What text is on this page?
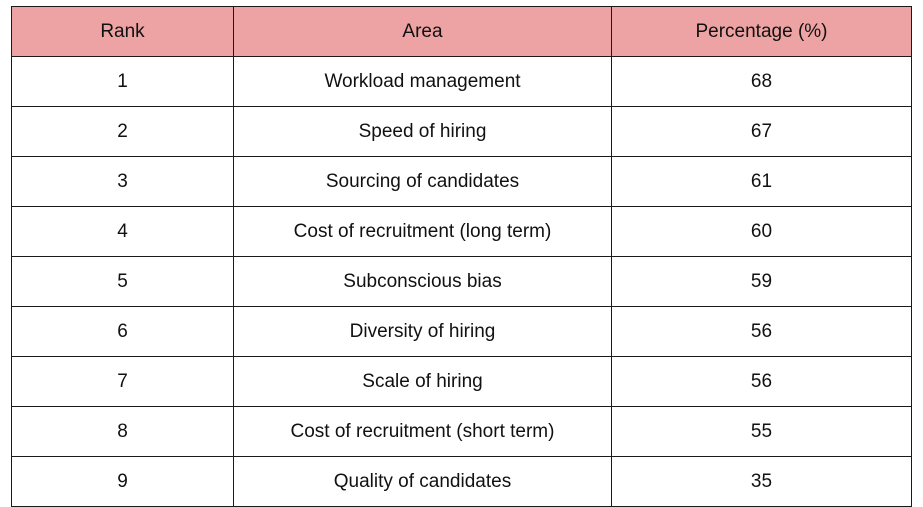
Rank	Area	Percentage (%)
1	Workload management	68
2	Speed of hiring	67
3	Sourcing of candidates	61
4	Cost of recruitment (long term)	60
5	Subconscious bias	59
6	Diversity of hiring	56
7	Scale of hiring	56
8	Cost of recruitment (short term)	55
9	Quality of candidates	35
